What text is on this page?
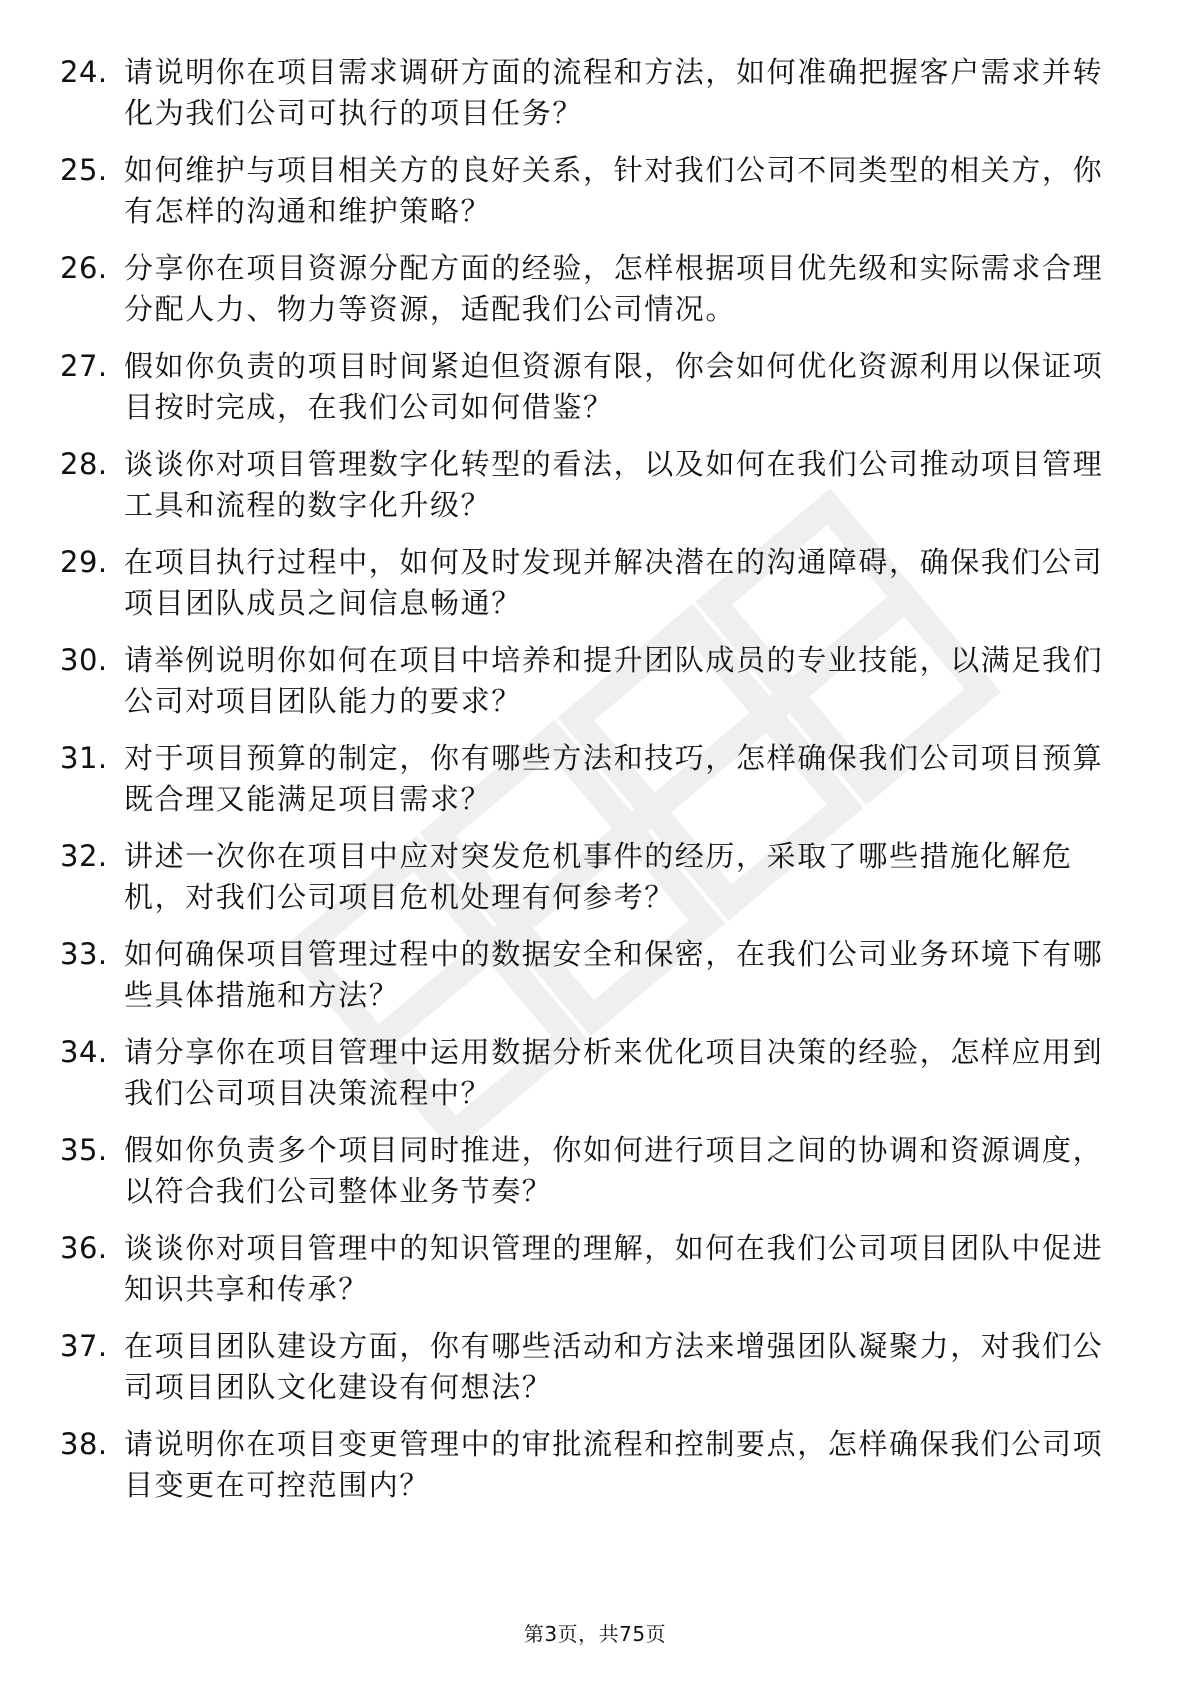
24. 请说明你在项目需求调研方面的流程和方法，如何准确把握客户需求并转化为我们公司可执行的项目任务？
25. 如何维护与项目相关方的良好关系，针对我们公司不同类型的相关方，你有怎样的沟通和维护策略？
26. 分享你在项目资源分配方面的经验，怎样根据项目优先级和实际需求合理分配人力、物力等资源，适配我们公司情况。
27. 假如你负责的项目时间紧迫但资源有限，你会如何优化资源利用以保证项目按时完成，在我们公司如何借鉴？
28. 谈谈你对项目管理数字化转型的看法，以及如何在我们公司推动项目管理工具和流程的数字化升级？
29. 在项目执行过程中，如何及时发现并解决潜在的沟通障碍，确保我们公司项目团队成员之间信息畅通？
30. 请举例说明你如何在项目中培养和提升团队成员的专业技能，以满足我们公司对项目团队能力的要求？
31. 对于项目预算的制定，你有哪些方法和技巧，怎样确保我们公司项目预算既合理又能满足项目需求？
32. 讲述一次你在项目中应对突发危机事件的经历，采取了哪些措施化解危机，对我们公司项目危机处理有何参考？
33. 如何确保项目管理过程中的数据安全和保密，在我们公司业务环境下有哪些具体措施和方法？
34. 请分享你在项目管理中运用数据分析来优化项目决策的经验，怎样应用到我们公司项目决策流程中？
35. 假如你负责多个项目同时推进，你如何进行项目之间的协调和资源调度，以符合我们公司整体业务节奏？
36. 谈谈你对项目管理中的知识管理的理解，如何在我们公司项目团队中促进知识共享和传承？
37. 在项目团队建设方面，你有哪些活动和方法来增强团队凝聚力，对我们公司项目团队文化建设有何想法？
38. 请说明你在项目变更管理中的审批流程和控制要点，怎样确保我们公司项目变更在可控范围内？
第3页，共75页
